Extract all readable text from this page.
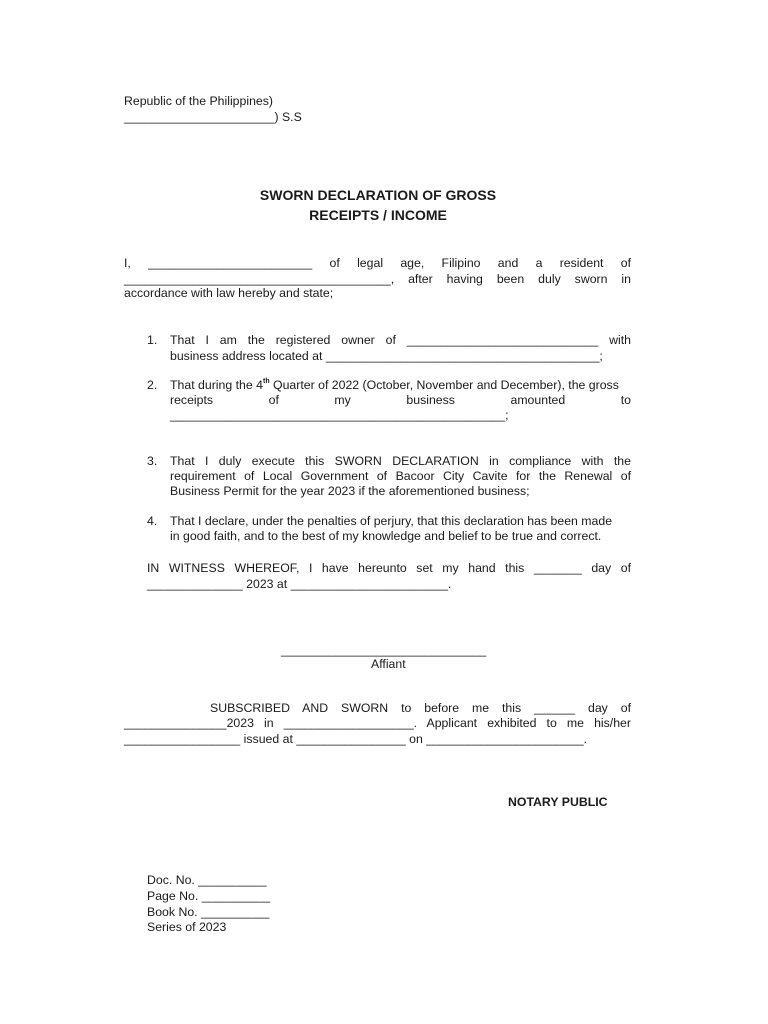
Republic of the Philippines)
______________________) S.S
SWORN DECLARATION OF GROSS
RECEIPTS / INCOME
I, ________________________ of legal age, Filipino and a resident of
_______________________________________, after having been duly sworn in
accordance with law hereby and state;
1. That I am the registered owner of ____________________________ with
business address located at ________________________________________;
2. That during the 4th Quarter of 2022 (October, November and December), the gross
receipts of my business amounted to
_________________________________________________;
3. That I duly execute this SWORN DECLARATION in compliance with the
requirement of Local Government of Bacoor City Cavite for the Renewal of
Business Permit for the year 2023 if the aforementioned business;
4. That I declare, under the penalties of perjury, that this declaration has been made
in good faith, and to the best of my knowledge and belief to be true and correct.
IN WITNESS WHEREOF, I have hereunto set my hand this _______ day of
______________ 2023 at _______________________.
______________________________
Affiant
SUBSCRIBED AND SWORN to before me this ______ day of
_______________2023 in ___________________. Applicant exhibited to me his/her
_________________ issued at ________________ on _______________________.
NOTARY PUBLIC
Doc. No. __________
Page No. __________
Book No. __________
Series of 2023
